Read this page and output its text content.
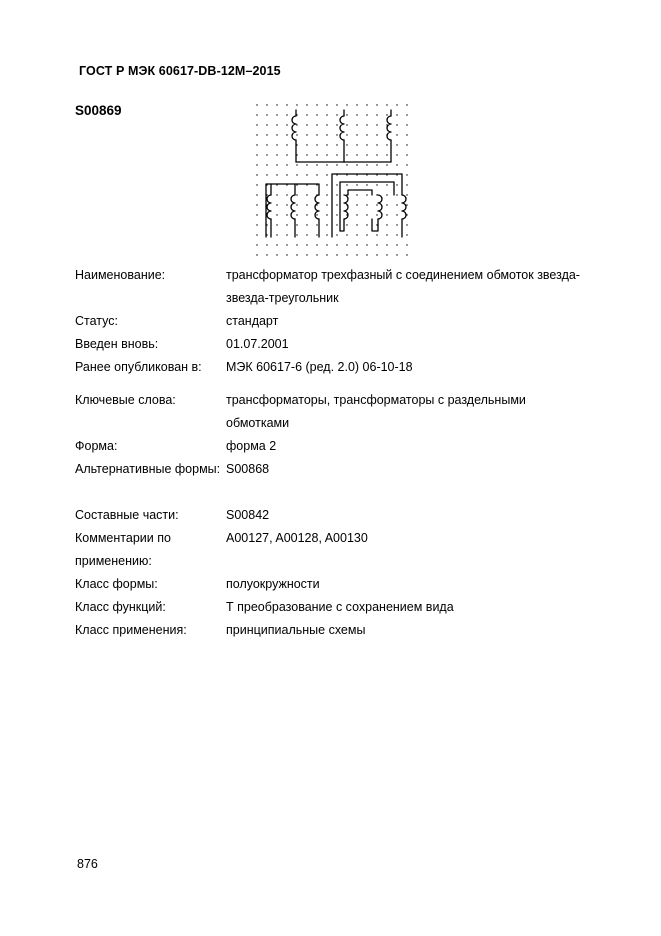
ГОСТ Р МЭК 60617-DB-12M–2015
S00869
Наименование:	трансформатор трехфазный с соединением обмоток звезда-звезда-треугольник
Статус:	стандарт
Введен вновь:	01.07.2001
Ранее опубликован в:	МЭК 60617-6 (ред. 2.0) 06-10-18
Ключевые слова:	трансформаторы, трансформаторы с раздельными обмотками
Форма:	форма 2
Альтернативные формы: S00868
Составные части:	S00842
Комментарии по применению:
A00127, A00128, A00130
Класс формы:	полуокружности
Класс функций:	Т преобразование с сохранением вида
Класс применения:	принципиальные схемы
876
